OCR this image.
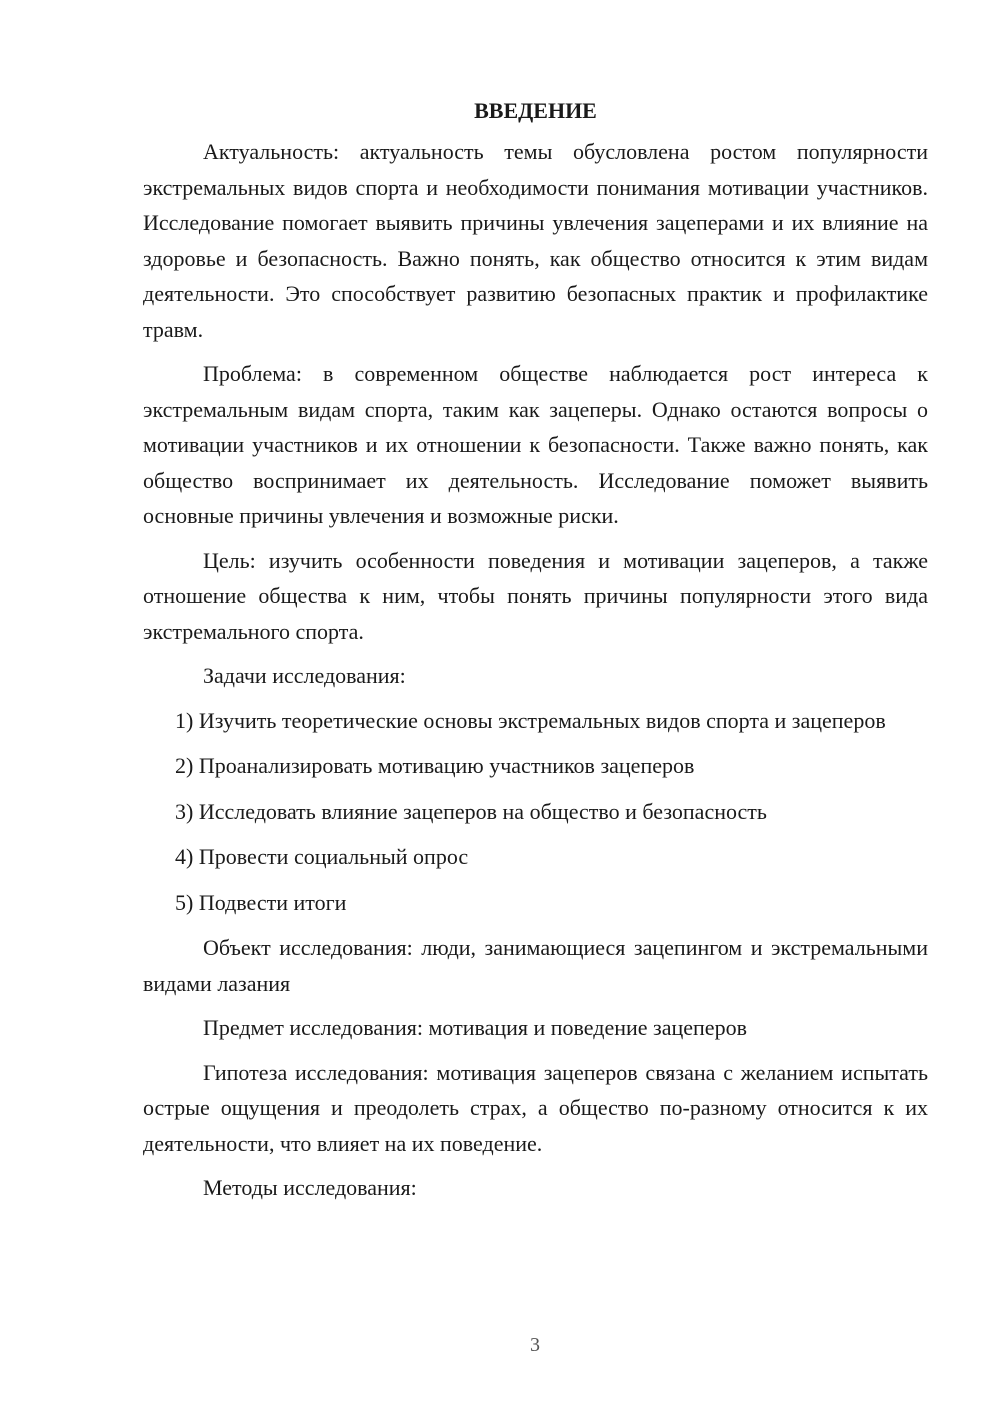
ВВЕДЕНИЕ

Актуальность: актуальность темы обусловлена ростом популярности экстремальных видов спорта и необходимости понимания мотивации участников. Исследование помогает выявить причины увлечения зацеперами и их влияние на здоровье и безопасность. Важно понять, как общество относится к этим видам деятельности. Это способствует развитию безопасных практик и профилактике травм.

Проблема: в современном обществе наблюдается рост интереса к экстремальным видам спорта, таким как зацеперы. Однако остаются вопросы о мотивации участников и их отношении к безопасности. Также важно понять, как общество воспринимает их деятельность. Исследование поможет выявить основные причины увлечения и возможные риски.

Цель: изучить особенности поведения и мотивации зацеперов, а также отношение общества к ним, чтобы понять причины популярности этого вида экстремального спорта.

Задачи исследования:

1) Изучить теоретические основы экстремальных видов спорта и зацеперов

2) Проанализировать мотивацию участников зацеперов

3) Исследовать влияние зацеперов на общество и безопасность

4) Провести социальный опрос

5) Подвести итоги

Объект исследования: люди, занимающиеся зацепингом и экстремальными видами лазания

Предмет исследования: мотивация и поведение зацеперов

Гипотеза исследования: мотивация зацеперов связана с желанием испытать острые ощущения и преодолеть страх, а общество по-разному относится к их деятельности, что влияет на их поведение.

Методы исследования:

3
